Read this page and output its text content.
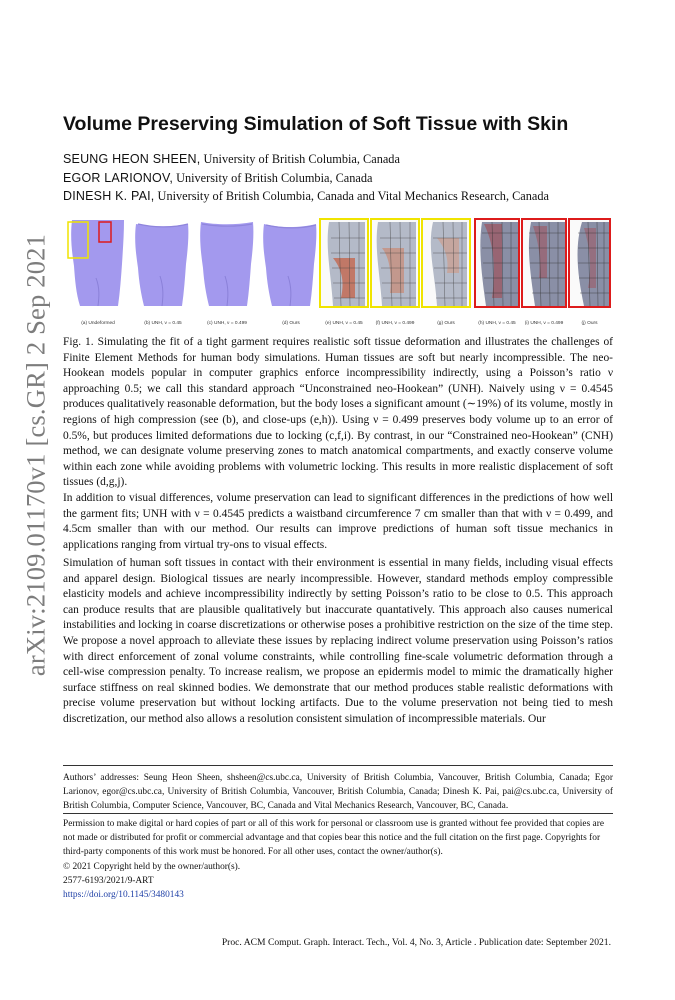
arXiv:2109.01170v1 [cs.GR] 2 Sep 2021
Volume Preserving Simulation of Soft Tissue with Skin
SEUNG HEON SHEEN, University of British Columbia, Canada
EGOR LARIONOV, University of British Columbia, Canada
DINESH K. PAI, University of British Columbia, Canada and Vital Mechanics Research, Canada
(a) Undeformed	(b) UNH, ν = 0.45	(c) UNH, ν = 0.499	(d) Ours	(e) UNH, ν = 0.45	(f) UNH, ν = 0.499	(g) Ours	(h) UNH, ν = 0.45	(i) UNH, ν = 0.499	(j) Ours

Fig. 1. Simulating the fit of a tight garment requires realistic soft tissue deformation and illustrates the challenges of Finite Element Methods for human body simulations. Human tissues are soft but nearly incompressible. The neo-Hookean models popular in computer graphics enforce incompressibility indirectly, using a Poisson’s ratio ν approaching 0.5; we call this standard approach “Unconstrained neo-Hookean” (UNH). Naively using ν = 0.4545 produces qualitatively reasonable deformation, but the body loses a significant amount (∼19%) of its volume, mostly in regions of high compression (see (b), and close-ups (e,h)). Using ν = 0.499 preserves body volume up to an error of 0.5%, but produces limited deformations due to locking (c,f,i). By contrast, in our “Constrained neo-Hookean” (CNH) method, we can designate volume preserving zones to match anatomical compartments, and exactly conserve volume within each zone while avoiding problems with volumetric locking. This results in more realistic displacement of soft tissues (d,g,j).

In addition to visual differences, volume preservation can lead to significant differences in the predictions of how well the garment fits; UNH with ν = 0.4545 predicts a waistband circumference 7 cm smaller than that with ν = 0.499, and 4.5cm smaller than with our method. Our results can improve predictions of human soft tissue mechanics in applications ranging from virtual try-ons to visual effects.

Simulation of human soft tissues in contact with their environment is essential in many fields, including visual effects and apparel design. Biological tissues are nearly incompressible. However, standard methods employ compressible elasticity models and achieve incompressibility indirectly by setting Poisson’s ratio to be close to 0.5. This approach can produce results that are plausible qualitatively but inaccurate quantatively. This approach also causes numerical instabilities and locking in coarse discretizations or otherwise poses a prohibitive restriction on the size of the time step. We propose a novel approach to alleviate these issues by replacing indirect volume preservation using Poisson’s ratios with direct enforcement of zonal volume constraints, while controlling fine-scale volumetric deformation through a cell-wise compression penalty. To increase realism, we propose an epidermis model to mimic the dramatically higher surface stiffness on real skinned bodies. We demonstrate that our method produces stable realistic deformations with precise volume preservation but without locking artifacts. Due to the volume preservation not being tied to mesh discretization, our method also allows a resolution consistent simulation of incompressible materials. Our

Authors’ addresses: Seung Heon Sheen, shsheen@cs.ubc.ca, University of British Columbia, Vancouver, British Columbia, Canada; Egor Larionov, egor@cs.ubc.ca, University of British Columbia, Vancouver, British Columbia, Canada; Dinesh K. Pai, pai@cs.ubc.ca, University of British Columbia, Computer Science, Vancouver, BC, Canada and Vital Mechanics Research, Vancouver, BC, Canada.

Permission to make digital or hard copies of part or all of this work for personal or classroom use is granted without fee provided that copies are not made or distributed for profit or commercial advantage and that copies bear this notice and the full citation on the first page. Copyrights for third-party components of this work must be honored. For all other uses, contact the owner/author(s).
© 2021 Copyright held by the owner/author(s).
2577-6193/2021/9-ART
https://doi.org/10.1145/3480143
Proc. ACM Comput. Graph. Interact. Tech., Vol. 4, No. 3, Article . Publication date: September 2021.
